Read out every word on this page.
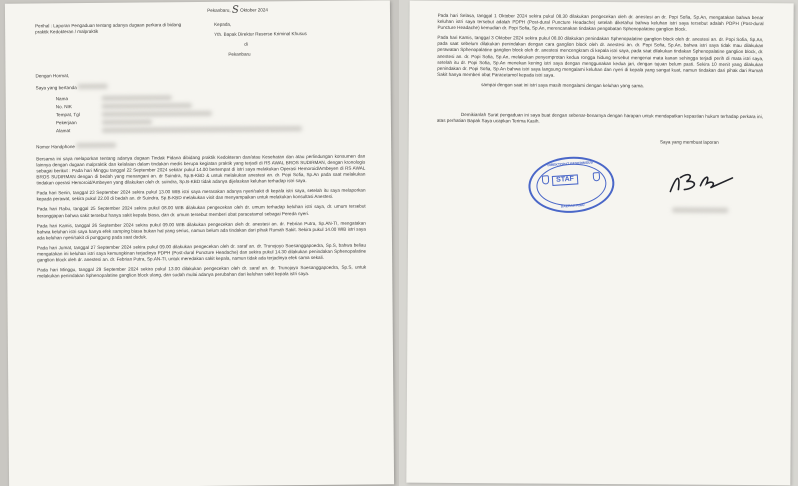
Pekanbaru, S Oktober 2024
Perihal : Laporan Pengaduan tentang adanya dugaan perkara di bidang praktik Kedokteran / malpraktik
Kepada,
Yth. Bapak Direktur Reserse Kriminal Khusus
di
Pekanbaru
Dengan Hormat,
Saya yang bertanda
Nama
No. NIK
Tempat, Tgl
Pekerjaan
Alamat
Nomor Handphone

Bersama ini saya melaporkan tentang adanya dugaan Tindak Pidana dibidang praktik Kedokteran dan/atau Kesehatan dan atau perlindungan konsumen dan lainnya dengan dugaan malpraktik dan kelalaian dalam tindakan medis berupa kegiatan praktik yang terjadi di RS AWAL BROS SUDIRMAN, dengan kronologis sebagai berikut : Pada hari Minggu tanggal 22 September 2024 sekitar pukul 14.00 bertempat di istri saya melakukan Operasi Hemoroid/Ambeyen di RS AWAL BROS SUDIRMAN dengan di bedah yang menangani an. dr Suindra, Sp.B-KBD & untuk melakukan anestesi an. dr. Popi Sofia, Sp.An pada saat melakukan tindakan operasi Hemoroid/Ambeyen yang dilakukan oleh dr. suindra, Sp.B-KBD tidak adanya dijelaskan keluhan terhadap istri saya.

Pada hari Senin, tanggal 23 September 2024 sekira pukul 13.00 WIB istri saya merasakan adanya nyeri/sakit di kepala istri saya, setelah itu saya melaporkan kepada perawat, sekira pukul 22.00 di bedah an. dr Suindra, Sp.B-KBD melakukan visit dan menyampaikan untuk melakukan konsultasi Anestesi.

Pada hari Rabu, tanggal 25 September 2024 sekira pukul 08.00 WIB dilakukan pengecekan oleh dr. umum terhadap keluhan istri saya, dr. umum tersebut beranggapan bahwa sakit tersebut hanya sakit kepala biasa, dan dr. umum tersebut memberi obat paracetamol sebagai Pereda nyeri.

Pada hari Kamis, tanggal 26 September 2024 sekira pukul 09.00 WIB dilakukan pengecekan oleh dr. anestesi an. dr. Febrian Putra, Sp.AN-TI, mengatakan bahwa keluhan istri saya hanya efek samping biasa bukan hal yang serius, namun belum ada tindakan dari pihak Rumah Sakit. Sekira pukul 14.00 WIB istri saya ada keluhan nyeri/sakit di punggung pada saat duduk.

Pada hari Jumat, tanggal 27 September 2024 sekira pukul 09.00 dilakukan pengecekan oleh dr. saraf an. dr. Trunojoyo Soesanggapoedra, Sp.S, bahwa beliau mengatakan ini keluhan istri saya kemungkinan terjadinya PDPH (Post-dural Puncture Headache) dan sekira pukul 14.30 dilakukan penindakan Sphenopalatine ganglion block oleh dr. anestesi an. dr. Febrian Putra, Sp.AN-TI, untuk meredakan sakit kepala, namun tidak ada terjadinya efek sama sekali.

Pada hari Minggu, tanggal 29 September 2024 sekira pukul 13.00 dilakukan pengecekan oleh dr. saraf an. dr. Trunojoyo Soesanggapoedra, Sp.S, untuk melakukan penindakan Sphenopalatine ganglion block ulang, dan sudah mulai adanya perubahan dari keluhan sakit kepala istri saya.

Pada hari Selasa, tanggal 1 Oktober 2024 sekira pukul 08.30 dilakukan pengecekan oleh dr. anestesi an dr. Popi Sofia, Sp.An, mengatakan bahwa benar keluhan istri saya tersebut adalah PDPH (Post-dural Puncture Headache) setelah diketahui bahwa keluhan istri saya tersebut adalah PDPH (Post-dural Puncture Headache) kemudian dr. Popi Sofia, Sp.An, merencanakan tindakan pengobatan Sphenopalatine ganglion block.

Pada hari Kamis, tanggal 3 Oktober 2024 sekira pukul 08.00 dilakukan penindakan Sphenopalatine ganglion block oleh dr. anestesi an. dr. Popi Sofia, Sp.An, pada saat sebelum dilakukan penindakan dengan cara ganglion block oleh dr. anestesi an. dr. Popi Sofia, Sp.An, bahwa istri saya tidak mau dilakukan perawatan Sphenopalatine ganglion block oleh dr. anestesi mencengkram di kepala istri saya, pada saat dilakukan tindakan Sphenopalatine ganglion block, dr. anestesi an. dr. Popi Sofia, Sp.An, melakukan penyemprotan kedua rongga hidung tersebut mengenai mata kanan sehingga terjadi perih di mata istri saya, setelah itu dr. Popi Sofia, Sp.An menekan kening istri saya dengan menggunakan kedua jari, dengan tujuan belum pasti. Sekira 10 menit yang dilakukan penindakan dr. Popi Sofia, Sp.An bahwa istri saya langsung mengalami keluhan dan nyeri di kepala yang sangat kuat, namun tindakan dari pihak dari Rumah Sakit hanya memberi obat Paracetamol kepada istri saya.

sampai dengan saat ini istri saya masih mengalami dengan keluhan yang sama.

Demikianlah Surat pengaduan ini saya buat dengan sebenar-benarnya dengan harapan untuk mendapatkan kepastian hukum terhadap perkara ini, atas perhatian Bapak Saya ucapkan Terima Kasih.

Saya yang membuat laporan
DIREKTORAT RESKRIMSUS
STAF
DAERAH RIAU
